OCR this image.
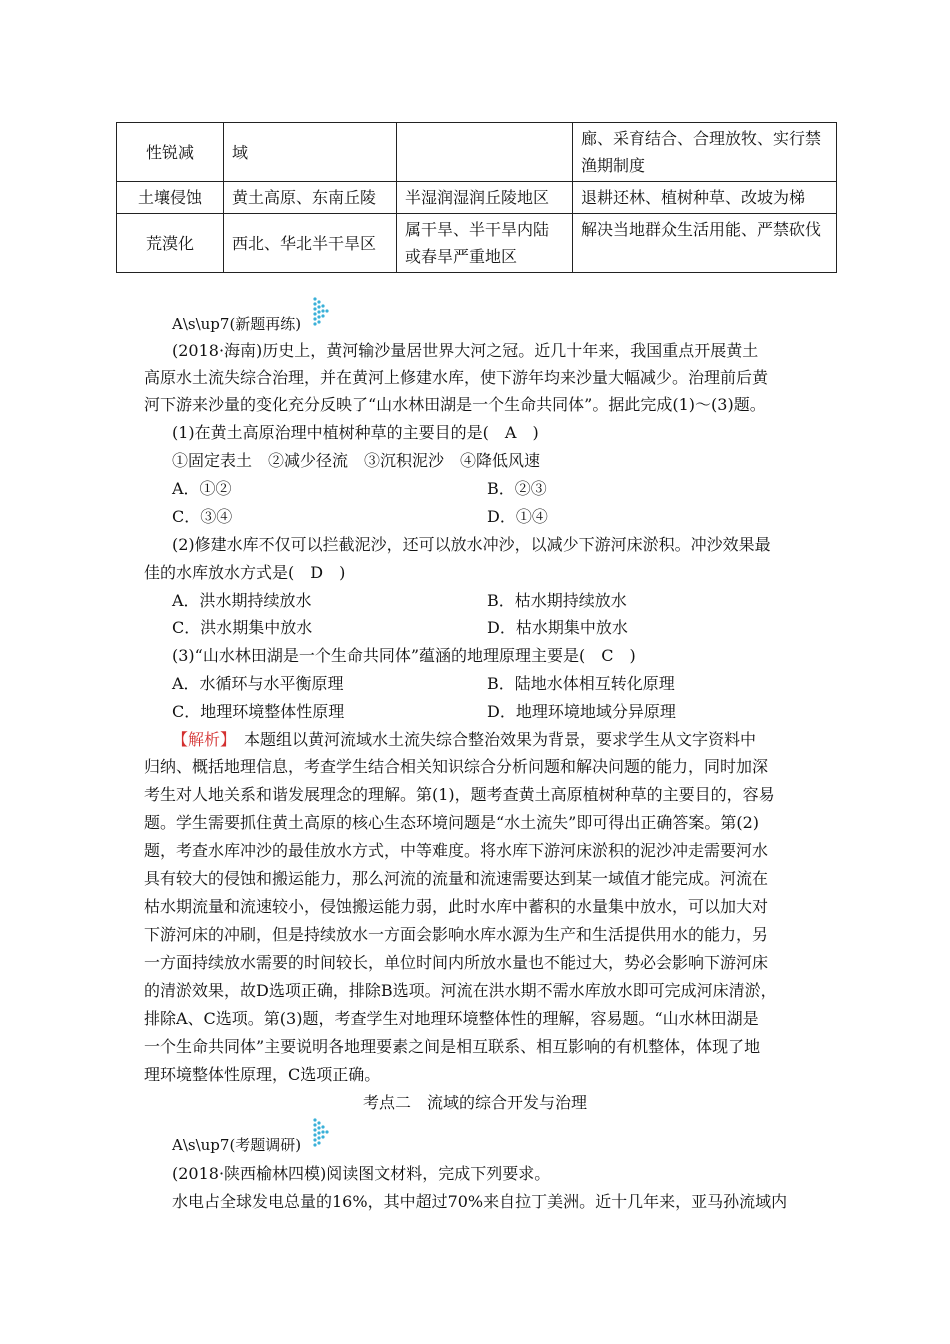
性锐减	域		廊、采育结合、合理放牧、实行禁渔期制度
土壤侵蚀	黄土高原、东南丘陵	半湿润湿润丘陵地区	退耕还林、植树种草、改坡为梯
荒漠化	西北、华北半干旱区	属干旱、半干旱内陆或春旱严重地区	解决当地群众生活用能、严禁砍伐
A\s\up7(新题再练)
(2018·海南)历史上，黄河输沙量居世界大河之冠。近几十年来，我国重点开展黄土
高原水土流失综合治理，并在黄河上修建水库，使下游年均来沙量大幅减少。治理前后黄
河下游来沙量的变化充分反映了“山水林田湖是一个生命共同体”。据此完成(1)～(3)题。
(1)在黄土高原治理中植树种草的主要目的是(　A　)
①固定表土　②减少径流　③沉积泥沙　④降低风速
A．①②	B．②③
C．③④	D．①④
(2)修建水库不仅可以拦截泥沙，还可以放水冲沙，以减少下游河床淤积。冲沙效果最
佳的水库放水方式是(　D　)
A．洪水期持续放水	B．枯水期持续放水
C．洪水期集中放水	D．枯水期集中放水
(3)“山水林田湖是一个生命共同体”蕴涵的地理原理主要是(　C　)
A．水循环与水平衡原理	B．陆地水体相互转化原理
C．地理环境整体性原理	D．地理环境地域分异原理
【解析】　本题组以黄河流域水土流失综合整治效果为背景，要求学生从文字资料中
归纳、概括地理信息，考查学生结合相关知识综合分析问题和解决问题的能力，同时加深
考生对人地关系和谐发展理念的理解。第(1)，题考查黄土高原植树种草的主要目的，容易
题。学生需要抓住黄土高原的核心生态环境问题是“水土流失”即可得出正确答案。第(2)
题，考查水库冲沙的最佳放水方式，中等难度。将水库下游河床淤积的泥沙冲走需要河水
具有较大的侵蚀和搬运能力，那么河流的流量和流速需要达到某一域值才能完成。河流在
枯水期流量和流速较小，侵蚀搬运能力弱，此时水库中蓄积的水量集中放水，可以加大对
下游河床的冲刷，但是持续放水一方面会影响水库水源为生产和生活提供用水的能力，另
一方面持续放水需要的时间较长，单位时间内所放水量也不能过大，势必会影响下游河床
的清淤效果，故D选项正确，排除B选项。河流在洪水期不需水库放水即可完成河床清淤，
排除A、C选项。第(3)题，考查学生对地理环境整体性的理解，容易题。“山水林田湖是
一个生命共同体”主要说明各地理要素之间是相互联系、相互影响的有机整体，体现了地
理环境整体性原理，C选项正确。
考点二　流域的综合开发与治理
A\s\up7(考题调研)
(2018·陕西榆林四模)阅读图文材料，完成下列要求。
水电占全球发电总量的16%，其中超过70%来自拉丁美洲。近十几年来，亚马孙流域内
